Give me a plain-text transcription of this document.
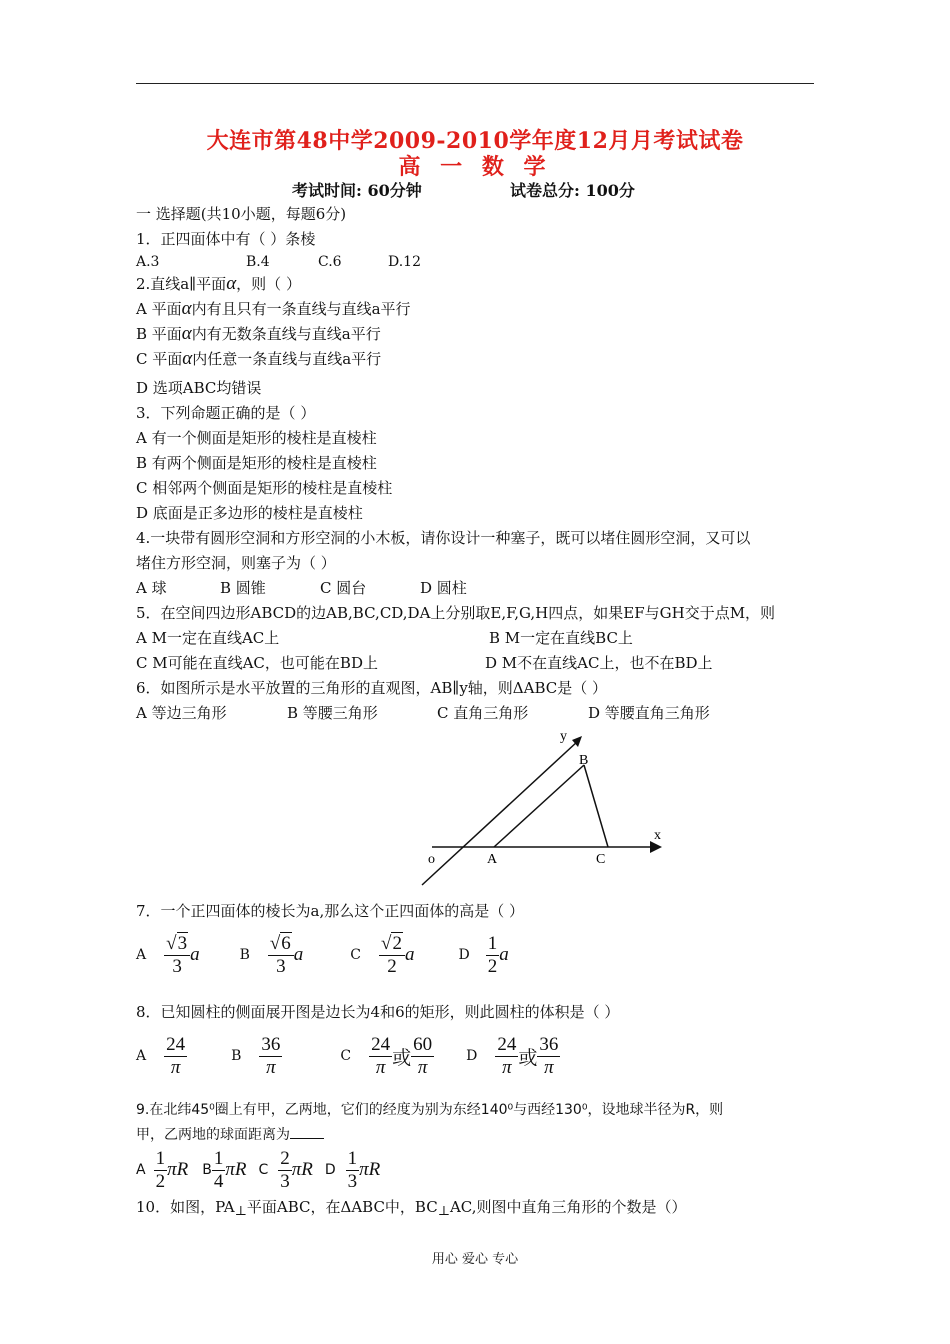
大连市第48中学2009-2010学年度12月月考试试卷
高 一 数 学
考试时间: 60分钟	试卷总分: 100分
一 选择题(共10小题，每题6分)
1．正四面体中有（ ）条棱
A.3	B.4	C.6	D.12
2.直线a∥平面α，则（ ）
A 平面α内有且只有一条直线与直线a平行
B 平面α内有无数条直线与直线a平行
C 平面α内任意一条直线与直线a平行
D 选项ABC均错误
3．下列命题正确的是（ ）
A 有一个侧面是矩形的棱柱是直棱柱
B 有两个侧面是矩形的棱柱是直棱柱
C 相邻两个侧面是矩形的棱柱是直棱柱
D 底面是正多边形的棱柱是直棱柱
4.一块带有圆形空洞和方形空洞的小木板，请你设计一种塞子，既可以堵住圆形空洞，又可以
堵住方形空洞，则塞子为（ ）
A 球	B 圆锥	C 圆台	D 圆柱
5．在空间四边形ABCD的边AB,BC,CD,DA上分别取E,F,G,H四点，如果EF与GH交于点M，则
A M一定在直线AC上	B M一定在直线BC上
C M可能在直线AC，也可能在BD上	D M不在直线AC上，也不在BD上
6．如图所示是水平放置的三角形的直观图，AB∥y轴，则ΔABC是（ ）
A 等边三角形	B 等腰三角形	C 直角三角形	D 等腰直角三角形
y
x
o	A
B
C
7．一个正四面体的棱长为a,那么这个正四面体的高是（ ）
A $\frac{√3}{3}$ a	B $\frac{√6}{3}$ a	C $\frac{√2}{2}$ a	D $\frac{1}{2}$ a
8．已知圆柱的侧面展开图是边长为4和6的矩形，则此圆柱的体积是（ ）
A $\frac{24}{\pi}$	B $\frac{36}{\pi}$	C $\frac{24}{\pi}$ 或 $\frac{60}{\pi}$ D $\frac{24}{\pi}$ 或 $\frac{36}{\pi}$
9.在北纬45⁰圈上有甲，乙两地，它们的经度为别为东经140⁰与西经130⁰，设地球半径为R，则
甲，乙两地的球面距离为
A $\frac{1}{2}$ πR B $\frac{1}{4}$ πR C $\frac{2}{3}$ πR D $\frac{1}{3}$ πR
10．如图，PA⊥平面ABC，在ΔABC中，BC⊥AC,则图中直角三角形的个数是（）
用心 爱心 专心
